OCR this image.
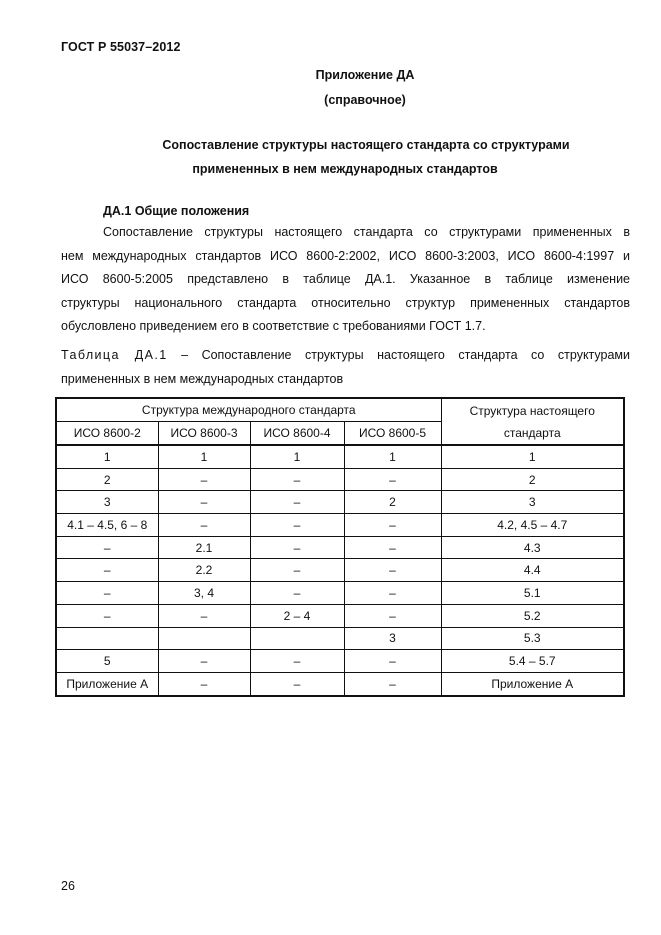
ГОСТ Р 55037–2012
Приложение ДА
(справочное)
Сопоставление структуры настоящего стандарта со структурами
примененных в нем международных стандартов
ДА.1 Общие положения
Сопоставление структуры настоящего стандарта со структурами примененных в
нем международных стандартов ИСО 8600-2:2002, ИСО 8600-3:2003, ИСО 8600-4:1997 и
ИСО 8600-5:2005 представлено в таблице ДА.1. Указанное в таблице изменение
структуры национального стандарта относительно структур примененных стандартов
обусловлено приведением его в соответствие с требованиями ГОСТ 1.7.
Таблица ДА.1 – Сопоставление структуры настоящего стандарта со структурами
примененных в нем международных стандартов
Структура международного стандарта				Структура настоящего
стандарта

ИСО 8600-2	ИСО 8600-3	ИСО 8600-4	ИСО 8600-5	
1	1	1	1	1
2	–	–	–	2
3	–	–	2	3
4.1 – 4.5, 6 – 8	–	–	–	4.2, 4.5 – 4.7
–	2.1	–	–	4.3
–	2.2	–	–	4.4
–	3, 4	–	–	5.1
–	–	2 – 4	–	5.2
			3	5.3
5	–	–	–	5.4 – 5.7
Приложение А	–	–	–	Приложение А
26
